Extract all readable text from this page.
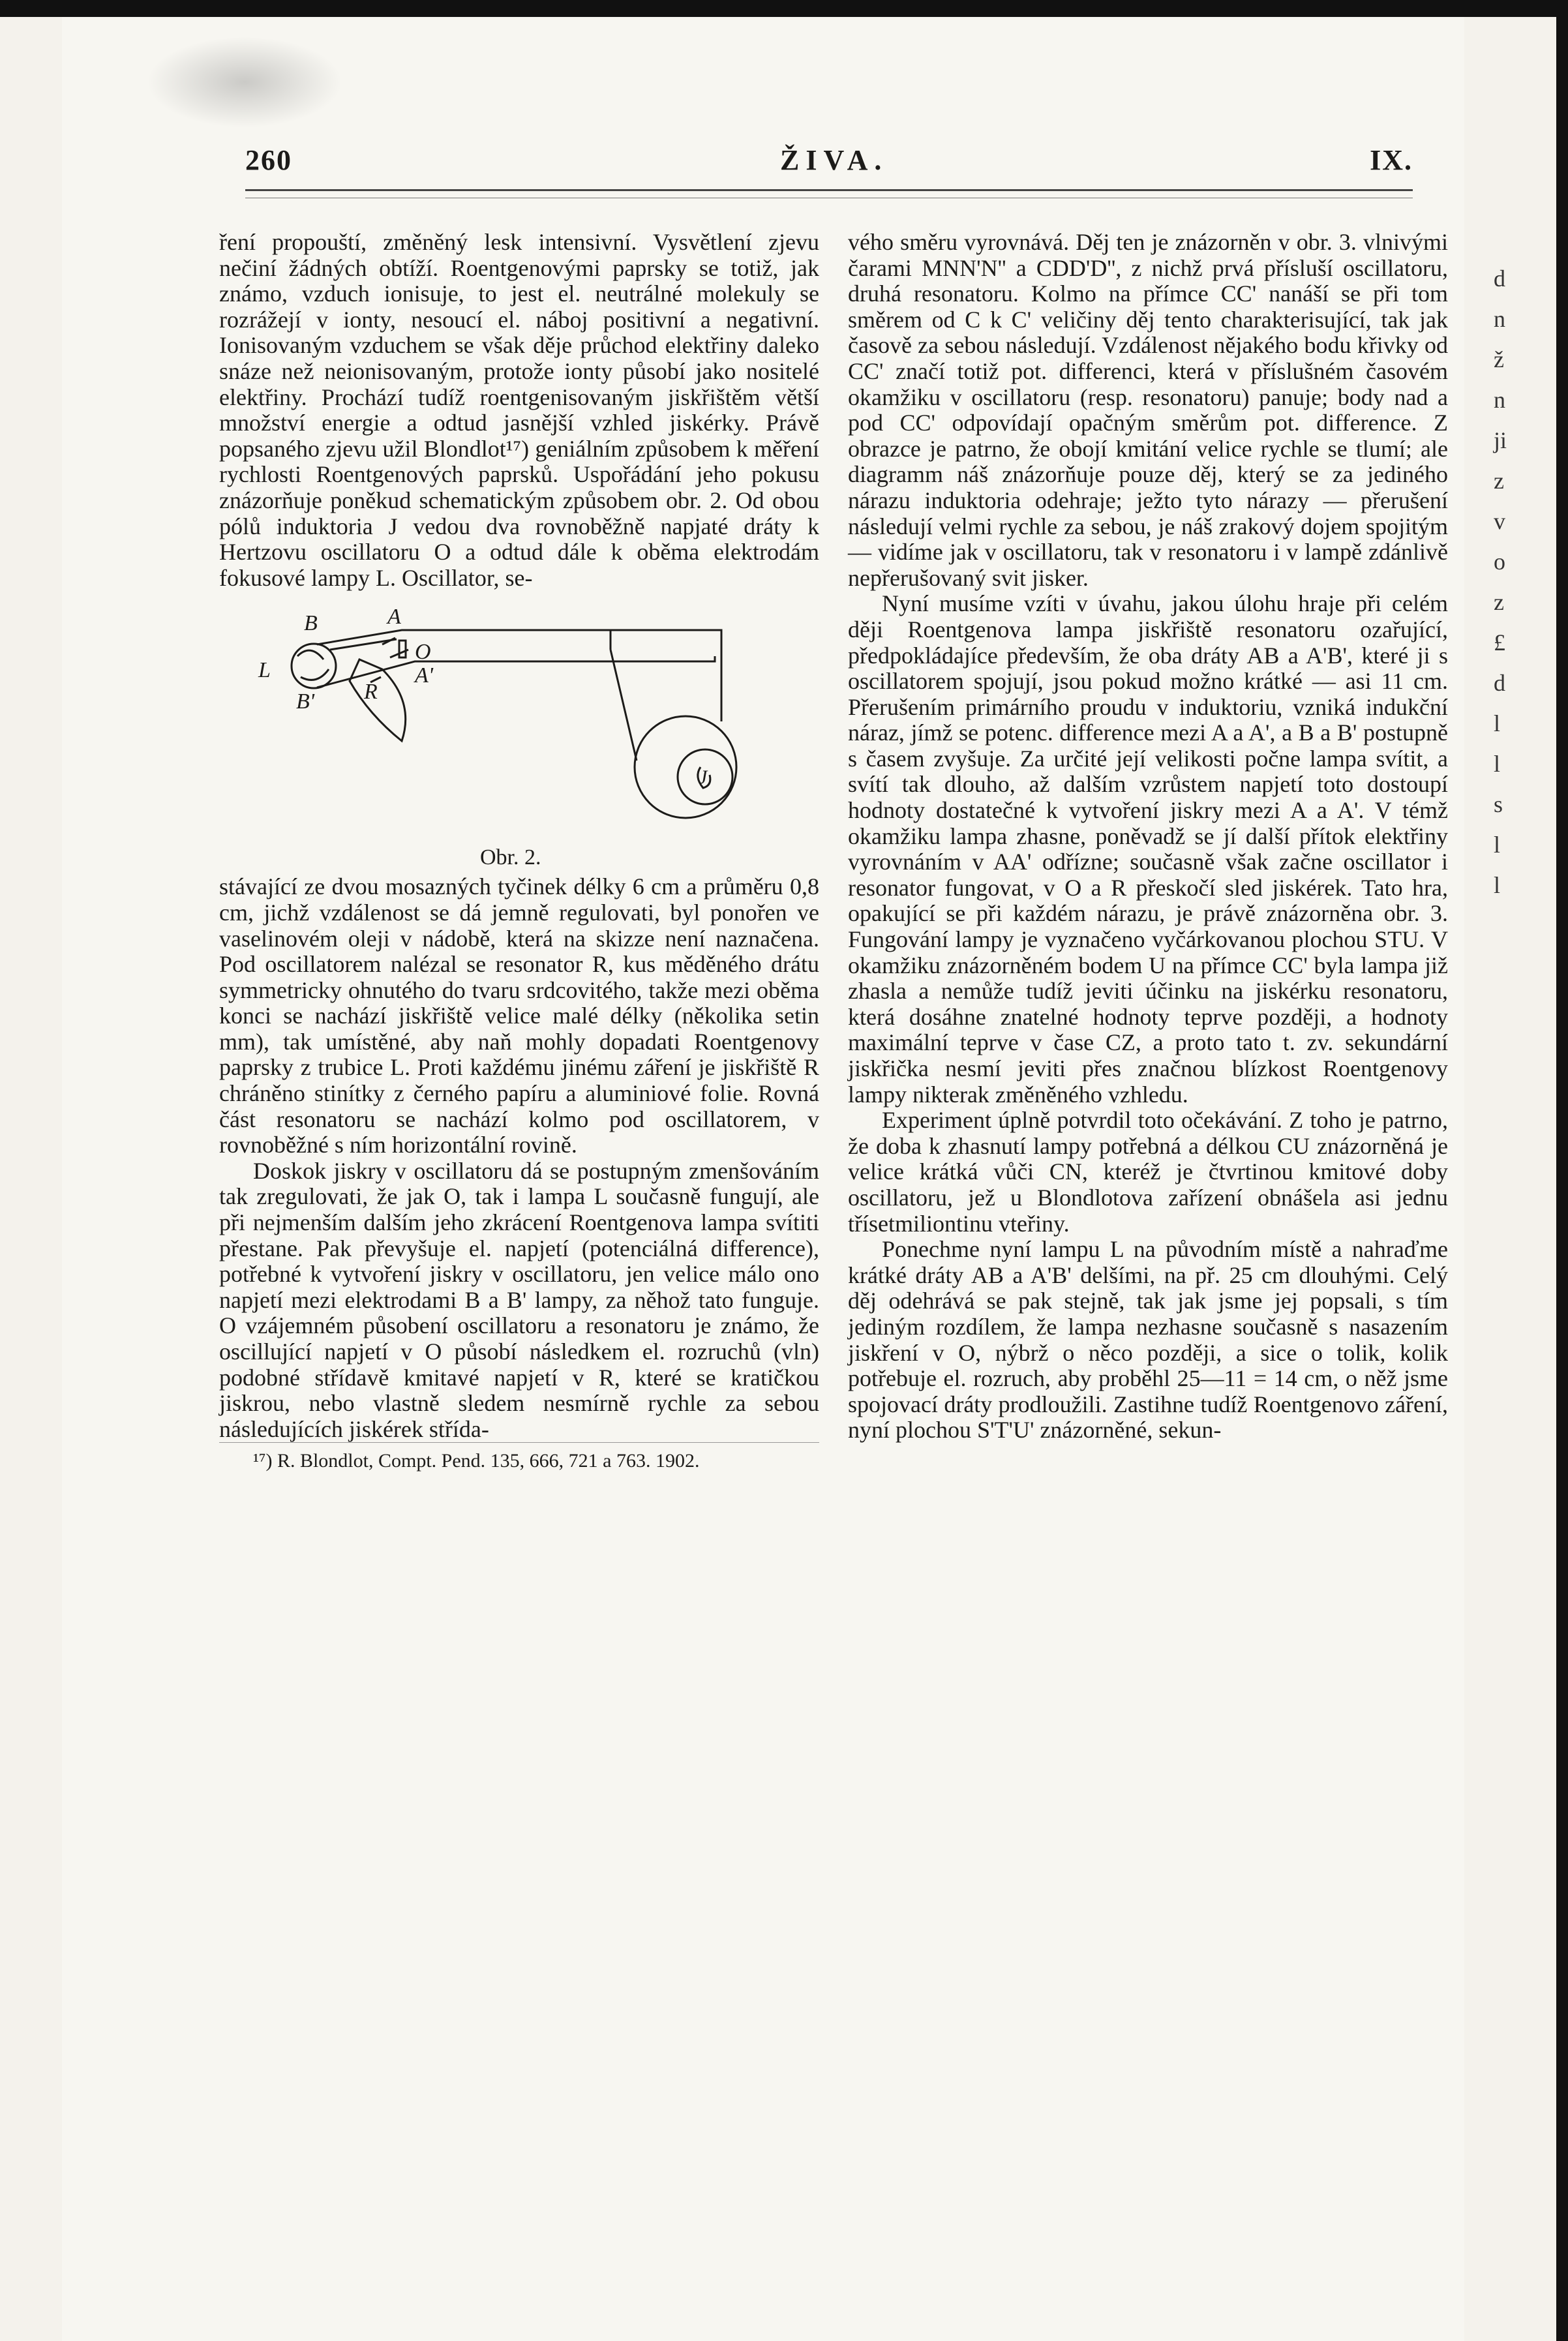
260	ŽIVA.	IX.

ření propouští, změněný lesk intensivní. Vysvětlení zjevu nečiní žádných obtíží. Roentgenovými paprsky se totiž, jak známo, vzduch ionisuje, to jest el. neutrálné molekuly se rozrážejí v ionty, nesoucí el. náboj positivní a negativní. Ionisovaným vzduchem se však děje průchod elektřiny daleko snáze než neionisovaným, protože ionty působí jako nositelé elektřiny. Prochází tudíž roentgenisovaným jiskřištěm větší množství energie a odtud jasnější vzhled jiskérky. Právě popsaného zjevu užil Blondlot¹⁷) geniálním způsobem k měření rychlosti Roentgenových paprsků. Uspořádání jeho pokusu znázorňuje poněkud schematickým způsobem obr. 2. Od obou pólů induktoria J vedou dva rovnoběžně napjaté dráty k Hertzovu oscillatoru O a odtud dále k oběma elektrodám fokusové lampy L. Oscillator, se-

B	A
L
O
R
A'
B'
J
Obr. 2.

stávající ze dvou mosazných tyčinek délky 6 cm a průměru 0,8 cm, jichž vzdálenost se dá jemně regulovati, byl ponořen ve vaselinovém oleji v nádobě, která na skizze není naznačena. Pod oscillatorem nalézal se resonator R, kus měděného drátu symmetricky ohnutého do tvaru srdcovitého, takže mezi oběma konci se nachází jiskřiště velice malé délky (několika setin mm), tak umístěné, aby naň mohly dopadati Roentgenovy paprsky z trubice L. Proti každému jinému záření je jiskřiště R chráněno stinítky z černého papíru a aluminiové folie. Rovná část resonatoru se nachází kolmo pod oscillatorem, v rovnoběžné s ním horizontální rovině.

Doskok jiskry v oscillatoru dá se postupným zmenšováním tak zregulovati, že jak O, tak i lampa L současně fungují, ale při nejmenším dalším jeho zkrácení Roentgenova lampa svítiti přestane. Pak převyšuje el. napjetí (potenciálná difference), potřebné k vytvoření jiskry v oscillatoru, jen velice málo ono napjetí mezi elektrodami B a B' lampy, za něhož tato funguje. O vzájemném působení oscillatoru a resonatoru je známo, že oscillující napjetí v O působí následkem el. rozruchů (vln) podobné střídavě kmitavé napjetí v R, které se kratičkou jiskrou, nebo vlastně sledem nesmírně rychle za sebou následujících jiskérek střída-

¹⁷) R. Blondlot, Compt. Pend. 135, 666, 721 a 763. 1902.

vého směru vyrovnává. Děj ten je znázorněn v obr. 3. vlnivými čarami MNN'N'' a CDD'D'', z nichž prvá přísluší oscillatoru, druhá resonatoru. Kolmo na přímce CC' nanáší se při tom směrem od C k C' veličiny děj tento charakterisující, tak jak časově za sebou následují. Vzdálenost nějakého bodu křivky od CC' značí totiž pot. differenci, která v příslušném časovém okamžiku v oscillatoru (resp. resonatoru) panuje; body nad a pod CC' odpovídají opačným směrům pot. difference. Z obrazce je patrno, že obojí kmitání velice rychle se tlumí; ale diagramm náš znázorňuje pouze děj, který se za jediného nárazu induktoria odehraje; ježto tyto nárazy — přerušení následují velmi rychle za sebou, je náš zrakový dojem spojitým — vidíme jak v oscillatoru, tak v resonatoru i v lampě zdánlivě nepřerušovaný svit jisker.

Nyní musíme vzíti v úvahu, jakou úlohu hraje při celém ději Roentgenova lampa jiskřiště resonatoru ozařující, předpokládajíce především, že oba dráty AB a A'B', které ji s oscillatorem spojují, jsou pokud možno krátké — asi 11 cm. Přerušením primárního proudu v induktoriu, vzniká indukční náraz, jímž se potenc. difference mezi A a A', a B a B' postupně s časem zvyšuje. Za určité její velikosti počne lampa svítit, a svítí tak dlouho, až dalším vzrůstem napjetí toto dostoupí hodnoty dostatečné k vytvoření jiskry mezi A a A'. V témž okamžiku lampa zhasne, poněvadž se jí další přítok elektřiny vyrovnáním v AA' odřízne; současně však začne oscillator i resonator fungovat, v O a R přeskočí sled jiskérek. Tato hra, opakující se při každém nárazu, je právě znázorněna obr. 3. Fungování lampy je vyznačeno vyčárkovanou plochou STU. V okamžiku znázorněném bodem U na přímce CC' byla lampa již zhasla a nemůže tudíž jeviti účinku na jiskérku resonatoru, která dosáhne znatelné hodnoty teprve později, a hodnoty maximální teprve v čase CZ, a proto tato t. zv. sekundární jiskřička nesmí jeviti přes značnou blízkost Roentgenovy lampy nikterak změněného vzhledu.

Experiment úplně potvrdil toto očekávání. Z toho je patrno, že doba k zhasnutí lampy potřebná a délkou CU znázorněná je velice krátká vůči CN, kteréž je čtvrtinou kmitové doby oscillatoru, jež u Blondlotova zařízení obnášela asi jednu třísetmiliontinu vteřiny.

Ponechme nyní lampu L na původním místě a nahraďme krátké dráty AB a A'B' delšími, na př. 25 cm dlouhými. Celý děj odehrává se pak stejně, tak jak jsme jej popsali, s tím jediným rozdílem, že lampa nezhasne současně s nasazením jiskření v O, nýbrž o něco později, a sice o tolik, kolik potřebuje el. rozruch, aby proběhl 25—11 = 14 cm, o něž jsme spojovací dráty prodloužili. Zastihne tudíž Roentgenovo záření, nyní plochou S'T'U' znázorněné, sekun-

d
n
ž
n
ji
z
v
o
z
£
d
l
l
s
l
l
